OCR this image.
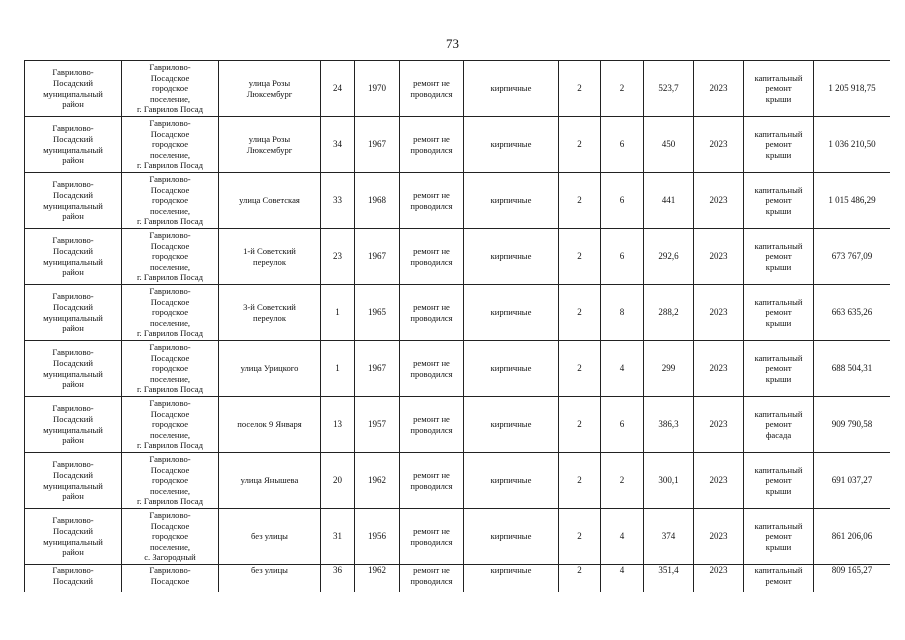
73
Гаврилово-
Посадский
муниципальный
район	Гаврилово-
Посадское
городское
поселение,
г. Гаврилов Посад	улица Розы
Люксембург	24	1970	ремонт не
проводился	кирпичные	2	2	523,7	2023	капитальный
ремонт
крыши	1 205 918,75
Гаврилово-
Посадский
муниципальный
район	Гаврилово-
Посадское
городское
поселение,
г. Гаврилов Посад	улица Розы
Люксембург	34	1967	ремонт не
проводился	кирпичные	2	6	450	2023	капитальный
ремонт
крыши	1 036 210,50
Гаврилово-
Посадский
муниципальный
район	Гаврилово-
Посадское
городское
поселение,
г. Гаврилов Посад	улица Советская	33	1968	ремонт не
проводился	кирпичные	2	6	441	2023	капитальный
ремонт
крыши	1 015 486,29
Гаврилово-
Посадский
муниципальный
район	Гаврилово-
Посадское
городское
поселение,
г. Гаврилов Посад	1-й Советский
переулок	23	1967	ремонт не
проводился	кирпичные	2	6	292,6	2023	капитальный
ремонт
крыши	673 767,09
Гаврилово-
Посадский
муниципальный
район	Гаврилово-
Посадское
городское
поселение,
г. Гаврилов Посад	3-й Советский
переулок	1	1965	ремонт не
проводился	кирпичные	2	8	288,2	2023	капитальный
ремонт
крыши	663 635,26
Гаврилово-
Посадский
муниципальный
район	Гаврилово-
Посадское
городское
поселение,
г. Гаврилов Посад	улица Урицкого	1	1967	ремонт не
проводился	кирпичные	2	4	299	2023	капитальный
ремонт
крыши	688 504,31
Гаврилово-
Посадский
муниципальный
район	Гаврилово-
Посадское
городское
поселение,
г. Гаврилов Посад	поселок 9 Января	13	1957	ремонт не
проводился	кирпичные	2	6	386,3	2023	капитальный
ремонт
фасада	909 790,58
Гаврилово-
Посадский
муниципальный
район	Гаврилово-
Посадское
городское
поселение,
г. Гаврилов Посад	улица Янышева	20	1962	ремонт не
проводился	кирпичные	2	2	300,1	2023	капитальный
ремонт
крыши	691 037,27
Гаврилово-
Посадский
муниципальный
район	Гаврилово-
Посадское
городское
поселение,
с. Загородный	без улицы	31	1956	ремонт не
проводился	кирпичные	2	4	374	2023	капитальный
ремонт
крыши	861 206,06
Гаврилово-
Посадский	Гаврилово-
Посадское	без улицы	36	1962	ремонт не
проводился	кирпичные	2	4	351,4	2023	капитальный
ремонт	809 165,27
